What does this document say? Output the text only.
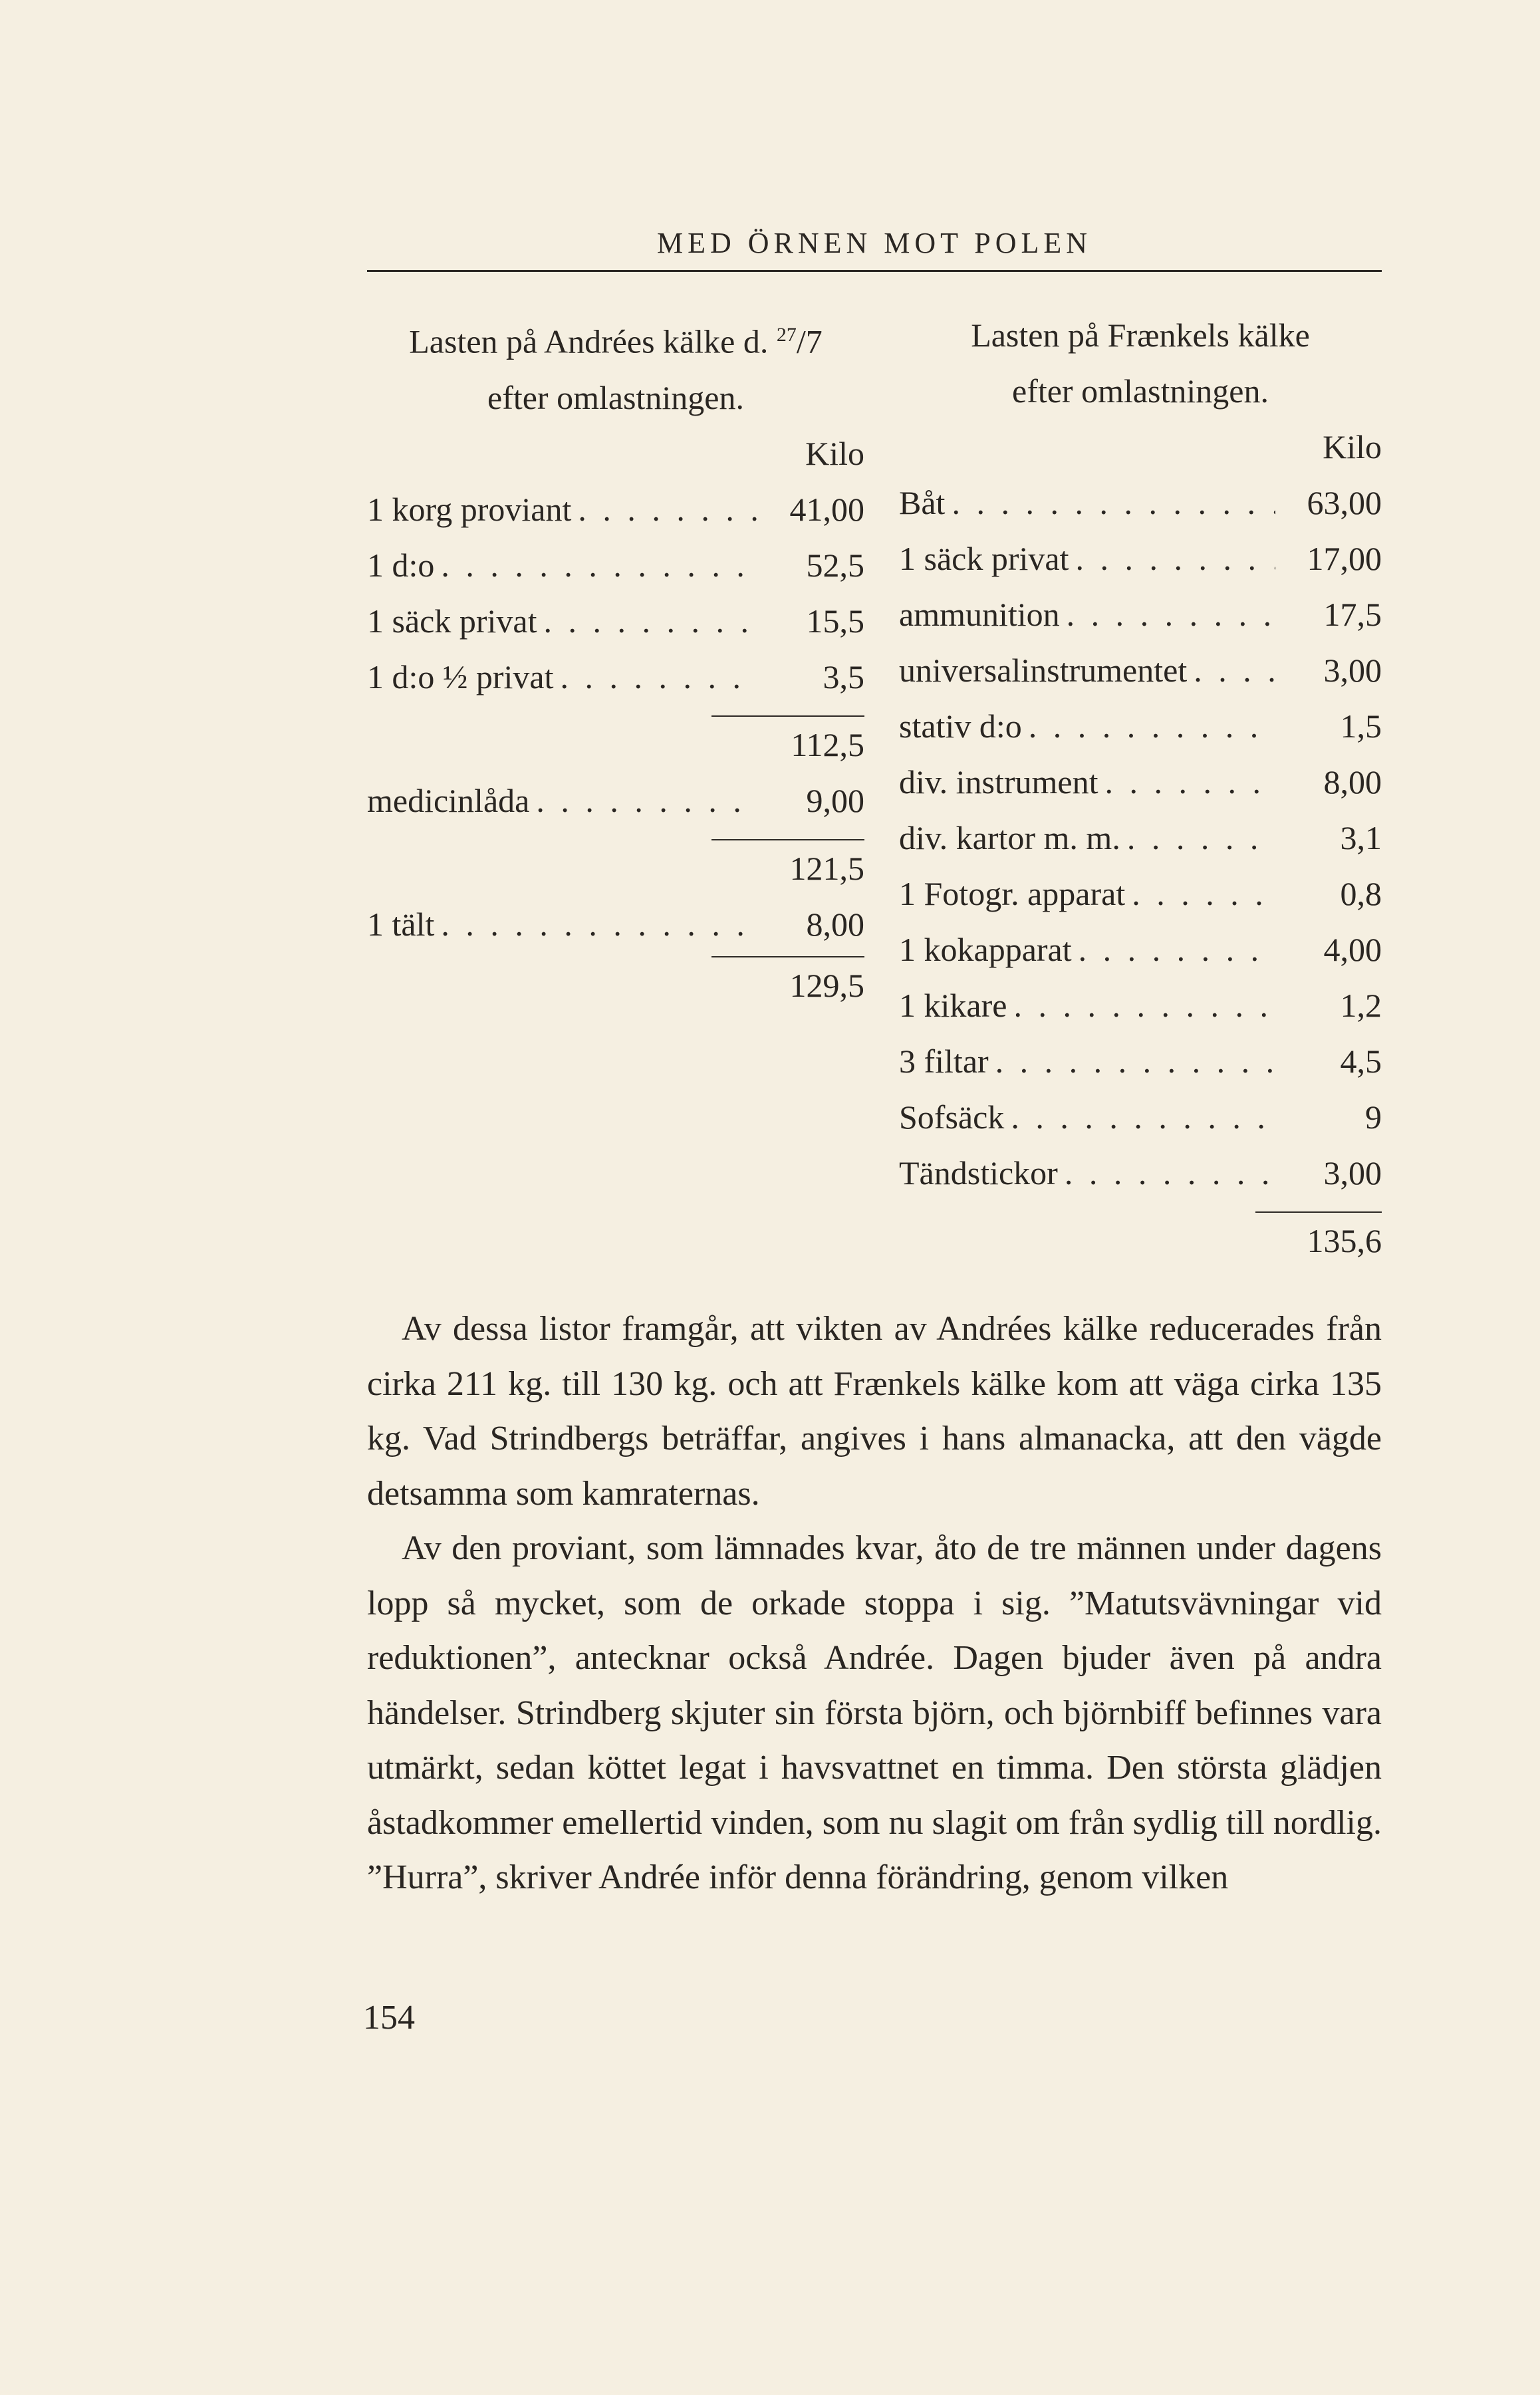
MED ÖRNEN MOT POLEN
Lasten på Andrées kälke d. $^{27}$/7
efter omlastningen.
Kilo
1 korg proviant . . .	41,00
1 d:o . . .	52,5
1 säck privat . . .	15,5
1 d:o ½ privat . . .	3,5
112,5
medicinlåda . . .	9,00
121,5
1 tält . . .	8,00
129,5
Lasten på Frænkels kälke
efter omlastningen.
Kilo
Båt . . .	63,00
1 säck privat . . .	17,00
ammunition . . .	17,5
universalinstrumentet . . .	3,00
stativ d:o . . .	1,5
div. instrument . . .	8,00
div. kartor m. m. . . .	3,1
1 Fotogr. apparat . . .	0,8
1 kokapparat . . .	4,00
1 kikare . . .	1,2
3 filtar . . .	4,5
Sofsäck . . .	9
Tändstickor . . .	3,00
135,6

Av dessa listor framgår, att vikten av Andrées kälke reducerades från cirka 211 kg. till 130 kg. och att Frænkels kälke kom att väga cirka 135 kg. Vad Strindbergs beträffar, angives i hans almanacka, att den vägde detsamma som kamraternas.

Av den proviant, som lämnades kvar, åto de tre männen under dagens lopp så mycket, som de orkade stoppa i sig. ”Matutsvävningar vid reduktionen”, antecknar också Andrée. Dagen bjuder även på andra händelser. Strindberg skjuter sin första björn, och björnbiff befinnes vara utmärkt, sedan köttet legat i havsvattnet en timma. Den största glädjen åstadkommer emellertid vinden, som nu slagit om från sydlig till nordlig. ”Hurra”, skriver Andrée inför denna förändring, genom vilken

154
